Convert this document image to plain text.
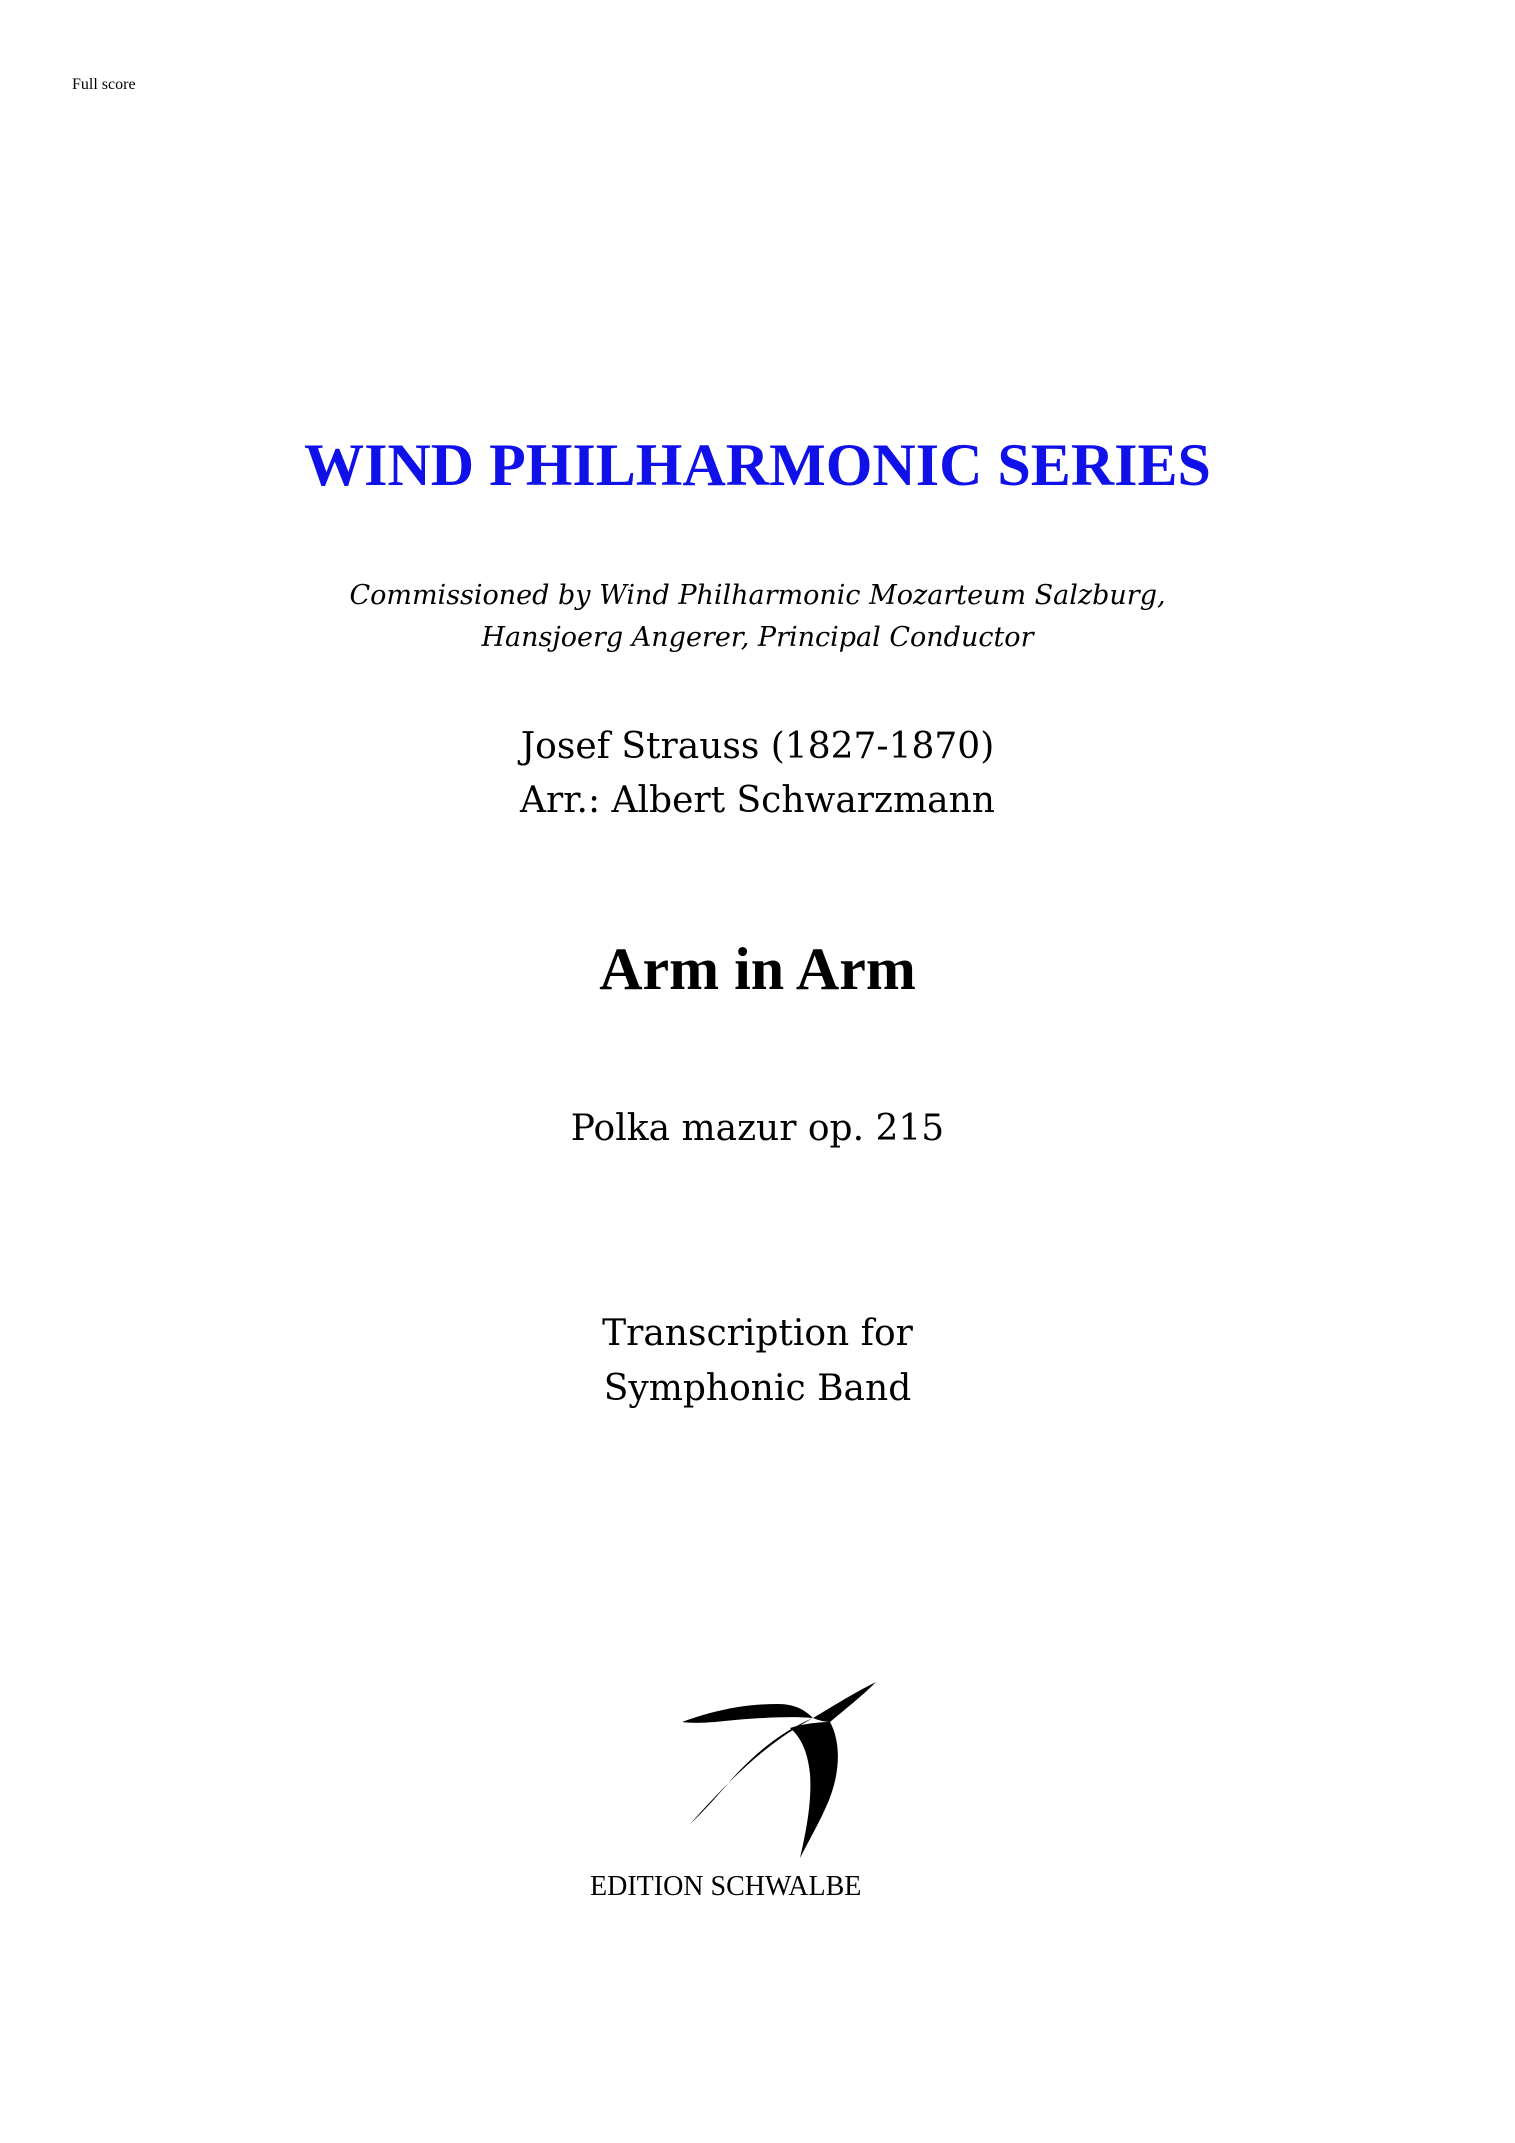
Full score
WIND PHILHARMONIC SERIES
Commissioned by Wind Philharmonic Mozarteum Salzburg,
Hansjoerg Angerer, Principal Conductor
Josef Strauss (1827-1870)
Arr.: Albert Schwarzmann
Arm in Arm
Polka mazur op. 215
Transcription for
Symphonic Band
EDITION SCHWALBE
